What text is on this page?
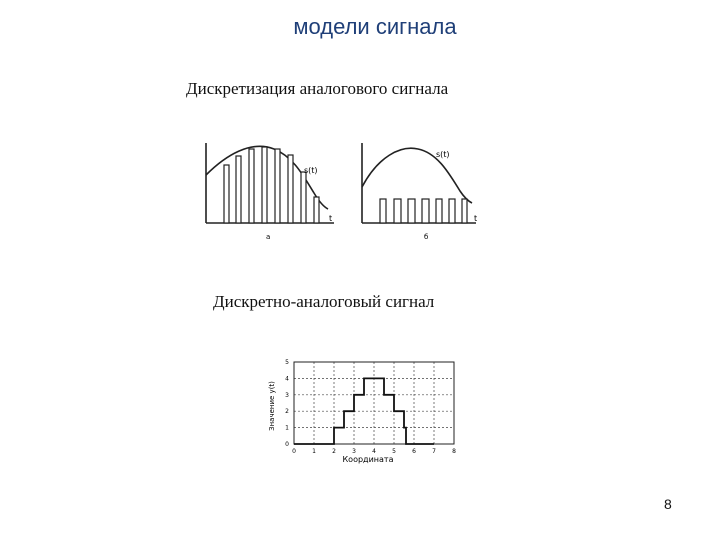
модели сигнала
Дискретизация аналогового сигнала
s(t)
t
а
s(t)
t
б
Дискретно-аналоговый сигнал
0	1	2	3	4	5	6	7	8
0
1
2
3
4
5
Координата
Значение y(t)
8
